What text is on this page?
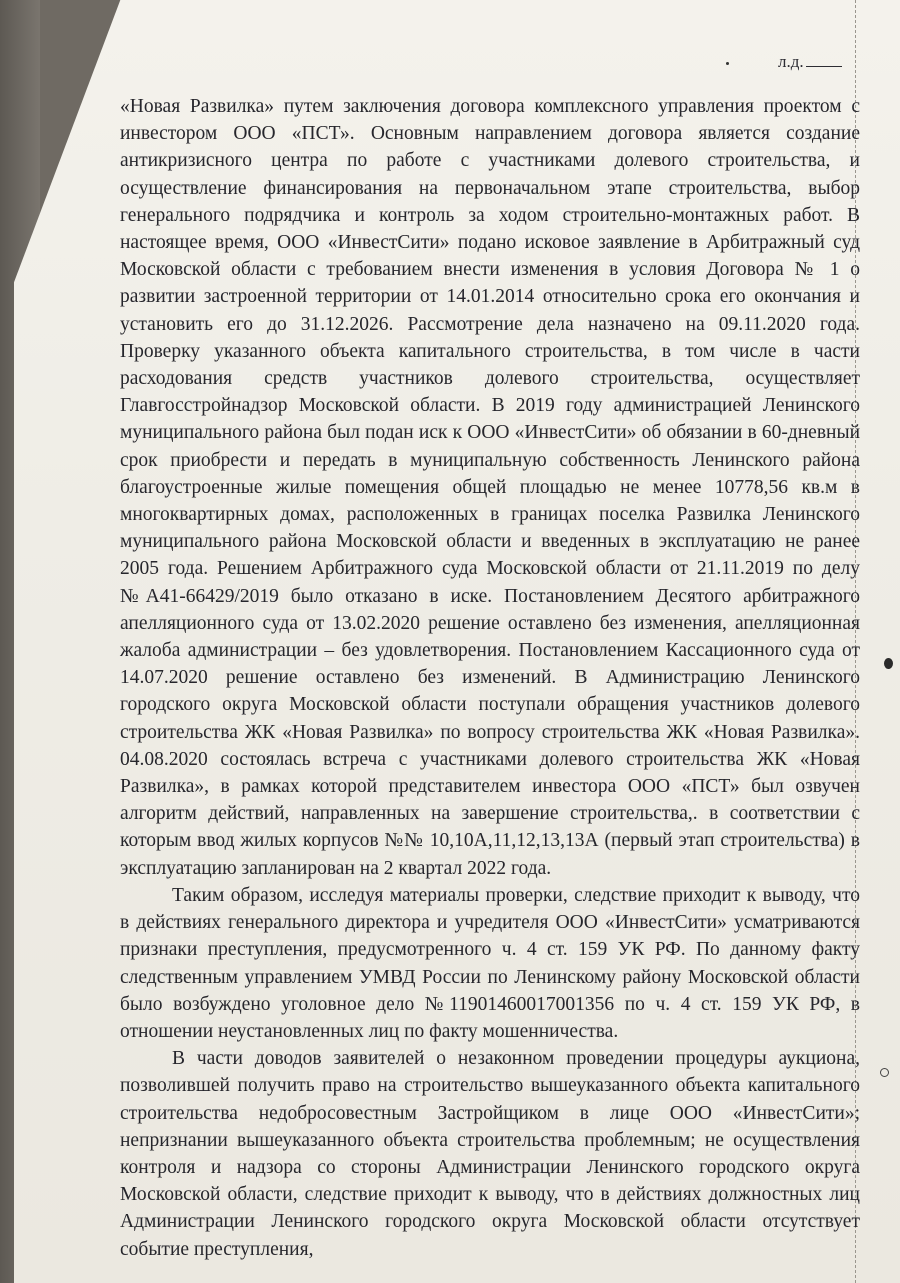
л.д.

«Новая Развилка» путем заключения договора комплексного управления проектом с инвестором ООО «ПСТ». Основным направлением договора является создание антикризисного центра по работе с участниками долевого строительства, и осуществление финансирования на первоначальном этапе строительства, выбор генерального подрядчика и контроль за ходом строительно-монтажных работ. В настоящее время, ООО «ИнвестСити» подано исковое заявление в Арбитражный суд Московской области с требованием внести изменения в условия Договора № 1 о развитии застроенной территории от 14.01.2014 относительно срока его окончания и установить его до 31.12.2026. Рассмотрение дела назначено на 09.11.2020 года. Проверку указанного объекта капитального строительства, в том числе в части расходования средств участников долевого строительства, осуществляет Главгосстройнадзор Московской области. В 2019 году администрацией Ленинского муниципального района был подан иск к ООО «ИнвестСити» об обязании в 60-дневный срок приобрести и передать в муниципальную собственность Ленинского района благоустроенные жилые помещения общей площадью не менее 10778,56 кв.м в многоквартирных домах, расположенных в границах поселка Развилка Ленинского муниципального района Московской области и введенных в эксплуатацию не ранее 2005 года. Решением Арбитражного суда Московской области от 21.11.2019 по делу №А41-66429/2019 было отказано в иске. Постановлением Десятого арбитражного апелляционного суда от 13.02.2020 решение оставлено без изменения, апелляционная жалоба администрации – без удовлетворения. Постановлением Кассационного суда от 14.07.2020 решение оставлено без изменений. В Администрацию Ленинского городского округа Московской области поступали обращения участников долевого строительства ЖК «Новая Развилка» по вопросу строительства ЖК «Новая Развилка». 04.08.2020 состоялась встреча с участниками долевого строительства ЖК «Новая Развилка», в рамках которой представителем инвестора ООО «ПСТ» был озвучен алгоритм действий, направленных на завершение строительства,. в соответствии с которым ввод жилых корпусов №№ 10,10А,11,12,13,13А (первый этап строительства) в эксплуатацию запланирован на 2 квартал 2022 года.

Таким образом, исследуя материалы проверки, следствие приходит к выводу, что в действиях генерального директора и учредителя ООО «ИнвестСити» усматриваются признаки преступления, предусмотренного ч. 4 ст. 159 УК РФ. По данному факту следственным управлением УМВД России по Ленинскому району Московской области было возбуждено уголовное дело №11901460017001356 по ч. 4 ст. 159 УК РФ, в отношении неустановленных лиц по факту мошенничества.

В части доводов заявителей о незаконном проведении процедуры аукциона, позволившей получить право на строительство вышеуказанного объекта капитального строительства недобросовестным Застройщиком в лице ООО «ИнвестСити»; непризнании вышеуказанного объекта строительства проблемным; не осуществления контроля и надзора со стороны Администрации Ленинского городского округа Московской области, следствие приходит к выводу, что в действиях должностных лиц Администрации Ленинского городского округа Московской области отсутствует событие преступления,
